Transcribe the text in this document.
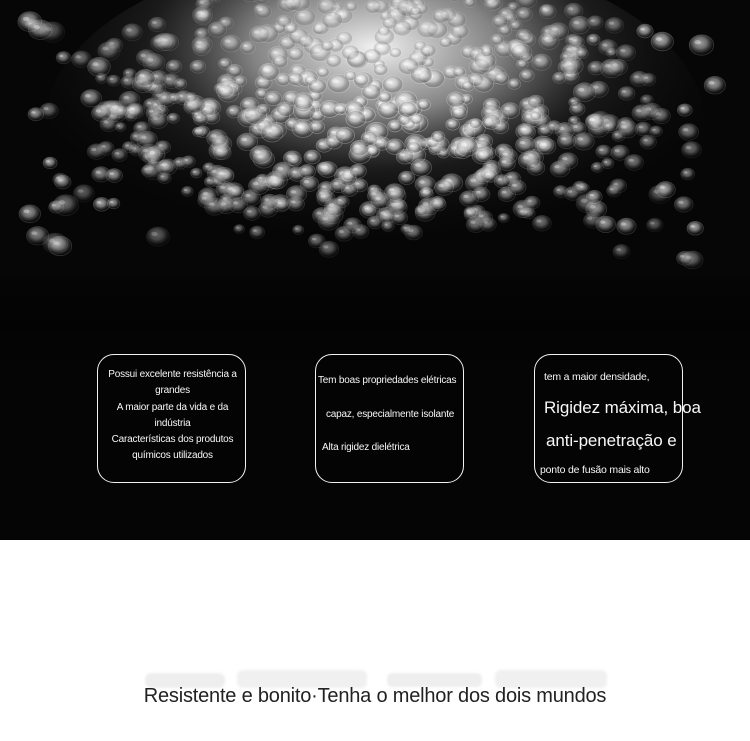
Possui excelente resistência a
grandes
A maior parte da vida e da
indústria
Características dos produtos
químicos utilizados
Tem boas propriedades elétricas
capaz, especialmente isolante
Alta rigidez dielétrica
tem a maior densidade,
Rigidez máxima, boa
anti-penetração e
ponto de fusão mais alto
Resistente e bonito·Tenha o melhor dos dois mundos
